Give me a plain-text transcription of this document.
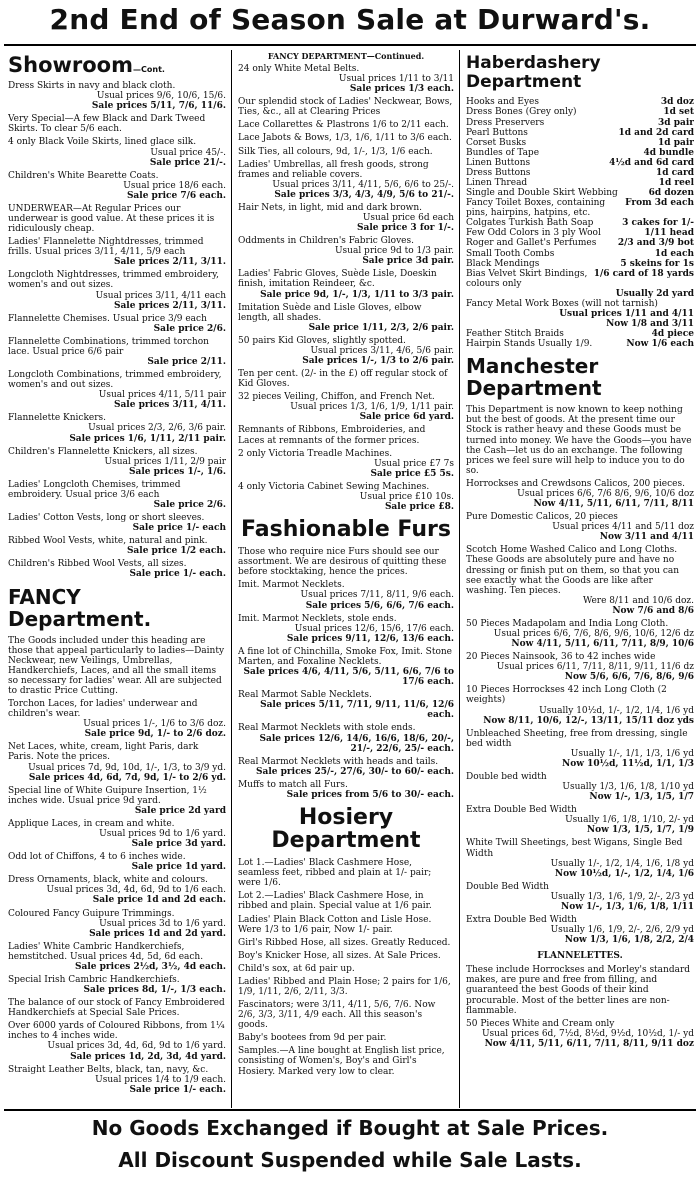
2nd End of Season Sale at Durward's.
Showroom—Cont.
Dress Skirts in navy and black cloth.
Usual prices 9/6, 10/6, 15/6.
Sale prices 5/11, 7/6, 11/6.
Very Special—A few Black and Dark Tweed Skirts. To clear 5/6 each.
4 only Black Voile Skirts, lined glace silk.
Usual price 45/-.
Sale price 21/-.
Children's White Bearette Coats.
Usual price 18/6 each.
Sale price 7/6 each.
UNDERWEAR—At Regular Prices our underwear is good value. At these prices it is ridiculously cheap.
Ladies' Flannelette Nightdresses, trimmed frills. Usual prices 3/11, 4/11, 5/9 each
Sale prices 2/11, 3/11.
Longcloth Nightdresses, trimmed embroidery, women's and out sizes.
Usual prices 3/11, 4/11 each
Sale prices 2/11, 3/11.
Flannelette Chemises. Usual price 3/9 each
Sale price 2/6.
Flannelette Combinations, trimmed torchon lace. Usual price 6/6 pair
Sale price 2/11.
Longcloth Combinations, trimmed embroidery, women's and out sizes.
Usual prices 4/11, 5/11 pair
Sale prices 3/11, 4/11.
Flannelette Knickers.
Usual prices 2/3, 2/6, 3/6 pair.
Sale prices 1/6, 1/11, 2/11 pair.
Children's Flannelette Knickers, all sizes.
Usual prices 1/11, 2/9 pair
Sale prices 1/-, 1/6.
Ladies' Longcloth Chemises, trimmed embroidery. Usual price 3/6 each
Sale price 2/6.
Ladies' Cotton Vests, long or short sleeves.
Sale price 1/- each
Ribbed Wool Vests, white, natural and pink.
Sale price 1/2 each.
Children's Ribbed Wool Vests, all sizes.
Sale price 1/- each.
FANCY Department.
The Goods included under this heading are those that appeal particularly to ladies—Dainty Neckwear, new Veilings, Umbrellas, Handkerchiefs, Laces, and all the small items so necessary for ladies' wear. All are subjected to drastic Price Cutting.
Torchon Laces, for ladies' underwear and children's wear.
Usual prices 1/-, 1/6 to 3/6 doz.
Sale price 9d, 1/- to 2/6 doz.
Net Laces, white, cream, light Paris, dark Paris. Note the prices.
Usual prices 7d, 9d, 10d, 1/-, 1/3, to 3/9 yd.
Sale prices 4d, 6d, 7d, 9d, 1/- to 2/6 yd.
Special line of White Guipure Insertion, 1½ inches wide. Usual price 9d yard.
Sale price 2d yard
Applique Laces, in cream and white.
Usual prices 9d to 1/6 yard.
Sale price 3d yard.
Odd lot of Chiffons, 4 to 6 inches wide.
Sale price 1d yard.
Dress Ornaments, black, white and colours.
Usual prices 3d, 4d, 6d, 9d to 1/6 each.
Sale price 1d and 2d each.
Coloured Fancy Guipure Trimmings.
Usual prices 3d to 1/6 yard.
Sale prices 1d and 2d yard.
Ladies' White Cambric Handkerchiefs, hemstitched. Usual prices 4d, 5d, 6d each.
Sale prices 2½d, 3½, 4d each.
Special Irish Cambric Handkerchiefs.
Sale prices 8d, 1/-, 1/3 each.
The balance of our stock of Fancy Embroidered Handkerchiefs at Special Sale Prices.
Over 6000 yards of Coloured Ribbons, from 1¼ inches to 4 inches wide.
Usual prices 3d, 4d, 6d, 9d to 1/6 yard.
Sale prices 1d, 2d, 3d, 4d yard.
Straight Leather Belts, black, tan, navy, &c.
Usual prices 1/4 to 1/9 each.
Sale price 1/- each.
FANCY DEPARTMENT—Continued.
24 only White Metal Belts.
Usual prices 1/11 to 3/11
Sale prices 1/3 each.
Our splendid stock of Ladies' Neckwear, Bows, Ties, &c., all at Clearing Prices
Lace Collarettes & Plastrons 1/6 to 2/11 each.
Lace Jabots & Bows, 1/3, 1/6, 1/11 to 3/6 each.
Silk Ties, all colours, 9d, 1/-, 1/3, 1/6 each.
Ladies' Umbrellas, all fresh goods, strong frames and reliable covers.
Usual prices 3/11, 4/11, 5/6, 6/6 to 25/-.
Sale prices 3/3, 4/3, 4/9, 5/6 to 21/-.
Hair Nets, in light, mid and dark brown.
Usual price 6d each
Sale price 3 for 1/-.
Oddments in Children's Fabric Gloves.
Usual price 9d to 1/3 pair.
Sale price 3d pair.
Ladies' Fabric Gloves, Suède Lisle, Doeskin finish, imitation Reindeer, &c.
Sale price 9d, 1/-, 1/3, 1/11 to 3/3 pair.
Imitation Suède and Lisle Gloves, elbow length, all shades.
Sale price 1/11, 2/3, 2/6 pair.
50 pairs Kid Gloves, slightly spotted.
Usual prices 3/11, 4/6, 5/6 pair.
Sale prices 1/-, 1/3 to 2/6 pair.
Ten per cent. (2/- in the £) off regular stock of Kid Gloves.
32 pieces Veiling, Chiffon, and French Net.
Usual prices 1/3, 1/6, 1/9, 1/11 pair.
Sale price 6d yard.
Remnants of Ribbons, Embroideries, and Laces at remnants of the former prices.
2 only Victoria Treadle Machines.
Usual price £7 7s
Sale price £5 5s.
4 only Victoria Cabinet Sewing Machines.
Usual price £10 10s.
Sale price £8.
Fashionable Furs
Those who require nice Furs should see our assortment. We are desirous of quitting these before stocktaking, hence the prices.
Imit. Marmot Necklets.
Usual prices 7/11, 8/11, 9/6 each.
Sale prices 5/6, 6/6, 7/6 each.
Imit. Marmot Necklets, stole ends.
Usual prices 12/6, 15/6, 17/6 each.
Sale prices 9/11, 12/6, 13/6 each.
A fine lot of Chinchilla, Smoke Fox, Imit. Stone Marten, and Foxaline Necklets.
Sale prices 4/6, 4/11, 5/6, 5/11, 6/6, 7/6 to 17/6 each.
Real Marmot Sable Necklets.
Sale prices 5/11, 7/11, 9/11, 11/6, 12/6 each.
Real Marmot Necklets with stole ends.
Sale prices 12/6, 14/6, 16/6, 18/6, 20/-, 21/-, 22/6, 25/- each.
Real Marmot Necklets with heads and tails.
Sale prices 25/-, 27/6, 30/- to 60/- each.
Muffs to match all Furs.
Sale prices from 5/6 to 30/- each.
Hosiery Department
Lot 1.—Ladies' Black Cashmere Hose, seamless feet, ribbed and plain at 1/- pair; were 1/6.
Lot 2.—Ladies' Black Cashmere Hose, in ribbed and plain. Special value at 1/6 pair.
Ladies' Plain Black Cotton and Lisle Hose. Were 1/3 to 1/6 pair, Now 1/- pair.
Girl's Ribbed Hose, all sizes. Greatly Reduced.
Boy's Knicker Hose, all sizes. At Sale Prices.
Child's sox, at 6d pair up.
Ladies' Ribbed and Plain Hose; 2 pairs for 1/6, 1/9, 1/11, 2/6, 2/11, 3/3.
Fascinators; were 3/11, 4/11, 5/6, 7/6. Now 2/6, 3/3, 3/11, 4/9 each. All this season's goods.
Baby's bootees from 9d per pair.
Samples.—A line bought at English list price, consisting of Women's, Boy's and Girl's Hosiery. Marked very low to clear.
Haberdashery Department
Hooks and Eyes	3d doz
Dress Bones (Grey only)	1d set
Dress Preservers	3d pair
Pearl Buttons	1d and 2d card
Corset Busks	1d pair
Bundles of Tape	4d bundle
Linen Buttons	4½d and 6d card
Dress Buttons	1d card
Linen Thread	1d reel
Single and Double Skirt Webbing	6d dozen
Fancy Toilet Boxes, containing pins, hairpins, hatpins, etc.
From 3d each
Colgates Turkish Bath Soap	3 cakes for 1/-
Few Odd Colors in 3 ply Wool	1/11 head
Roger and Gallet's Perfumes	2/3 and 3/9 bot
Small Tooth Combs	1d each
Black Mendings	5 skeins for 1s
Bias Velvet Skirt Bindings, colours only
1/6 card of 18 yards
Usually 2d yard
Fancy Metal Work Boxes (will not tarnish)
Usual prices 1/11 and 4/11
Now 1/8 and 3/11
Feather Stitch Braids	4d piece
Hairpin Stands Usually 1/9.	Now 1/6 each
Manchester Department
This Department is now known to keep nothing but the best of goods. At the present time our Stock is rather heavy and these Goods must be turned into money. We have the Goods—you have the Cash—let us do an exchange. The following prices we feel sure will help to induce you to do so.
Horrockses and Crewdsons Calicos, 200 pieces.
Usual prices 6/6, 7/6 8/6, 9/6, 10/6 doz
Now 4/11, 5/11, 6/11, 7/11, 8/11
Pure Domestic Calicos, 20 pieces
Usual prices 4/11 and 5/11 doz
Now 3/11 and 4/11
Scotch Home Washed Calico and Long Cloths. These Goods are absolutely pure and have no dressing or finish put on them, so that you can see exactly what the Goods are like after washing. Ten pieces.
Were 8/11 and 10/6 doz.
Now 7/6 and 8/6
50 Pieces Madapolam and India Long Cloth.
Usual prices 6/6, 7/6, 8/6, 9/6, 10/6, 12/6 dz
Now 4/11, 5/11, 6/11, 7/11, 8/9, 10/6
20 Pieces Nainsook, 36 to 42 inches wide
Usual prices 6/11, 7/11, 8/11, 9/11, 11/6 dz
Now 5/6, 6/6, 7/6, 8/6, 9/6
10 Pieces Horrockses 42 inch Long Cloth (2 weights)
Usually 10½d, 1/-, 1/2, 1/4, 1/6 yd
Now 8/11, 10/6, 12/-, 13/11, 15/11 doz yds
Unbleached Sheeting, free from dressing, single bed width
Usually 1/-, 1/1, 1/3, 1/6 yd
Now 10½d, 11½d, 1/1, 1/3
Double bed width
Usually 1/3, 1/6, 1/8, 1/10 yd
Now 1/-, 1/3, 1/5, 1/7
Extra Double Bed Width
Usually 1/6, 1/8, 1/10, 2/- yd
Now 1/3, 1/5, 1/7, 1/9
White Twill Sheetings, best Wigans, Single Bed Width
Usually 1/-, 1/2, 1/4, 1/6, 1/8 yd
Now 10½d, 1/-, 1/2, 1/4, 1/6
Double Bed Width
Usually 1/3, 1/6, 1/9, 2/-, 2/3 yd
Now 1/-, 1/3, 1/6, 1/8, 1/11
Extra Double Bed Width
Usually 1/6, 1/9, 2/-, 2/6, 2/9 yd
Now 1/3, 1/6, 1/8, 2/2, 2/4
FLANNELETTES.
These include Horrockses and Morley's standard makes, are pure and free from filling, and guaranteed the best Goods of their kind procurable. Most of the better lines are non-flammable.
50 Pieces White and Cream only
Usual prices 6d, 7½d, 8½d, 9½d, 10½d, 1/- yd
Now 4/11, 5/11, 6/11, 7/11, 8/11, 9/11 doz
No Goods Exchanged if Bought at Sale Prices.
All Discount Suspended while Sale Lasts.
